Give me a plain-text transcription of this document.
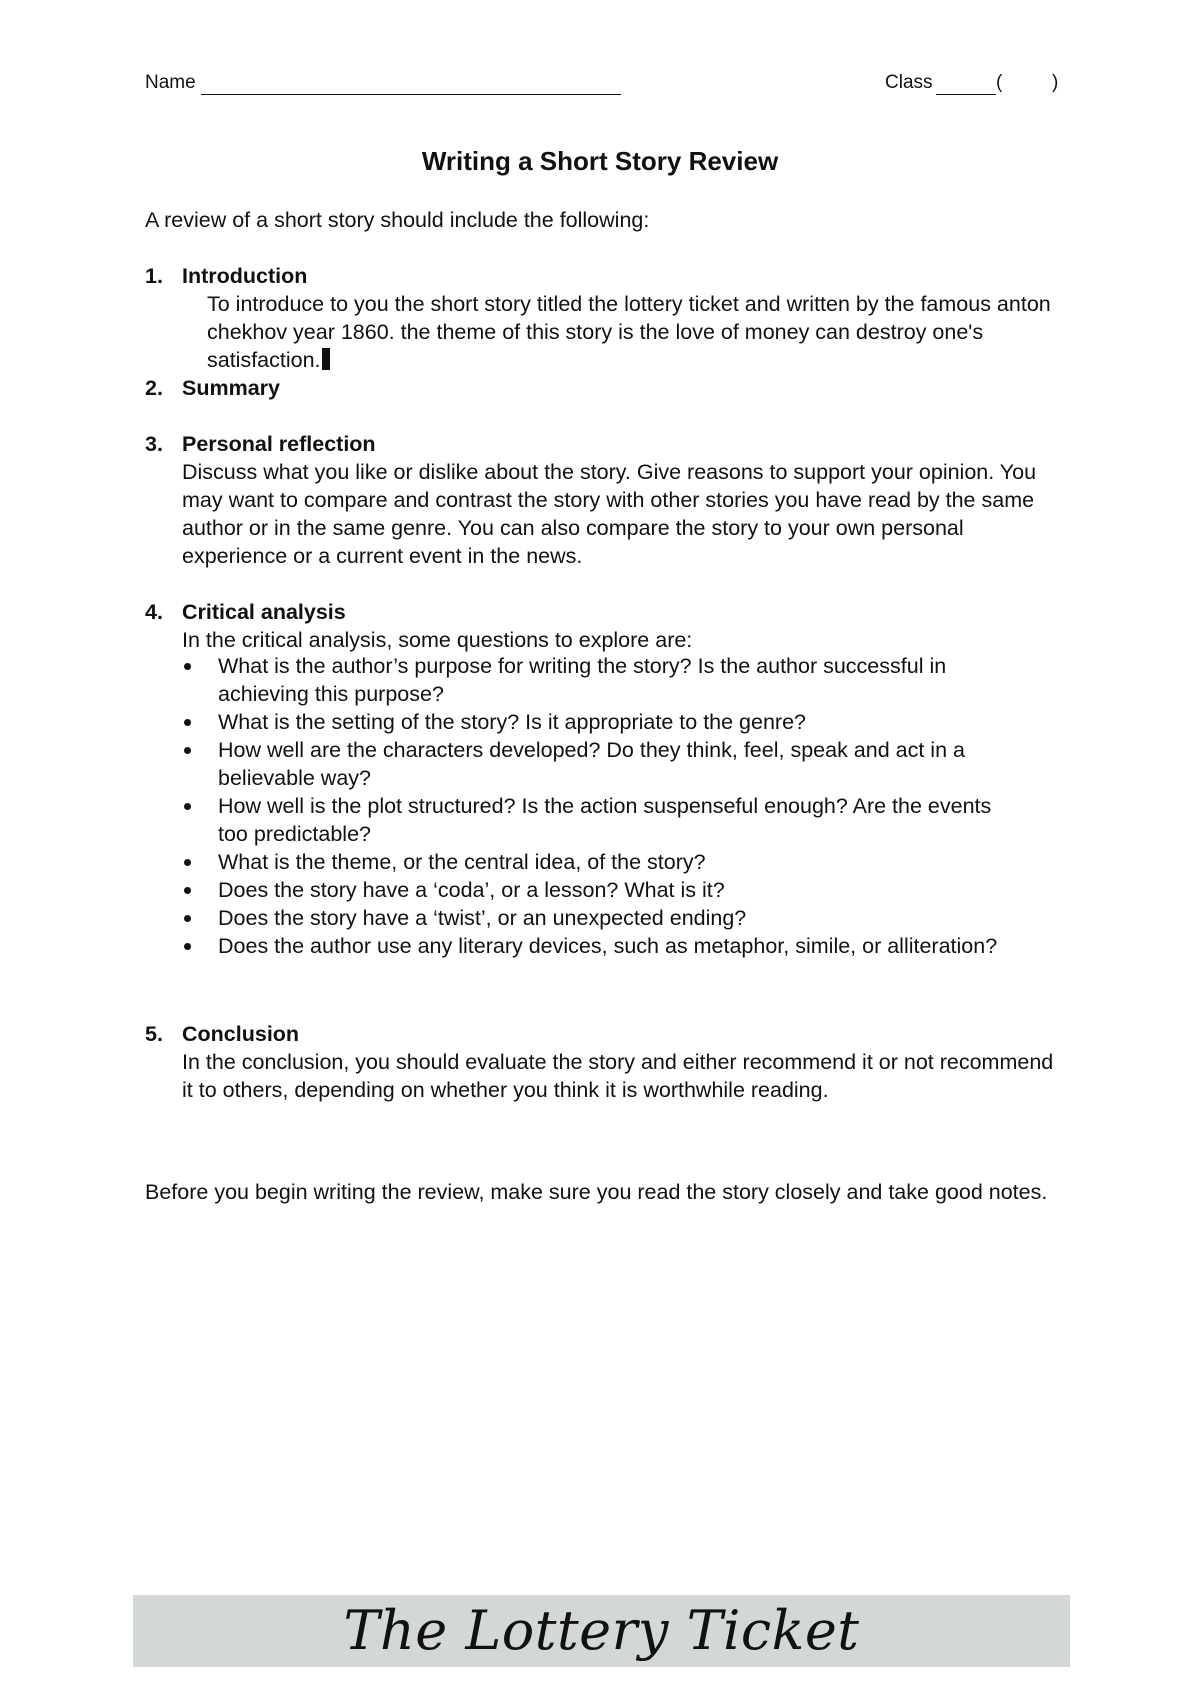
Name	Class	(	)
Writing a Short Story Review
A review of a short story should include the following:
1. Introduction
To introduce to you the short story titled the lottery ticket and written by the famous anton chekhov year 1860. the theme of this story is the love of money can destroy one's satisfaction.
2. Summary
3. Personal reflection
Discuss what you like or dislike about the story. Give reasons to support your opinion. You may want to compare and contrast the story with other stories you have read by the same author or in the same genre. You can also compare the story to your own personal experience or a current event in the news.
4. Critical analysis
In the critical analysis, some questions to explore are:
What is the author’s purpose for writing the story? Is the author successful in achieving this purpose?
What is the setting of the story? Is it appropriate to the genre?
How well are the characters developed? Do they think, feel, speak and act in a believable way?
How well is the plot structured? Is the action suspenseful enough? Are the events too predictable?
What is the theme, or the central idea, of the story?
Does the story have a ‘coda’, or a lesson? What is it?
Does the story have a ‘twist’, or an unexpected ending?
Does the author use any literary devices, such as metaphor, simile, or alliteration?
5. Conclusion
In the conclusion, you should evaluate the story and either recommend it or not recommend it to others, depending on whether you think it is worthwhile reading.
Before you begin writing the review, make sure you read the story closely and take good notes.
The Lottery Ticket
